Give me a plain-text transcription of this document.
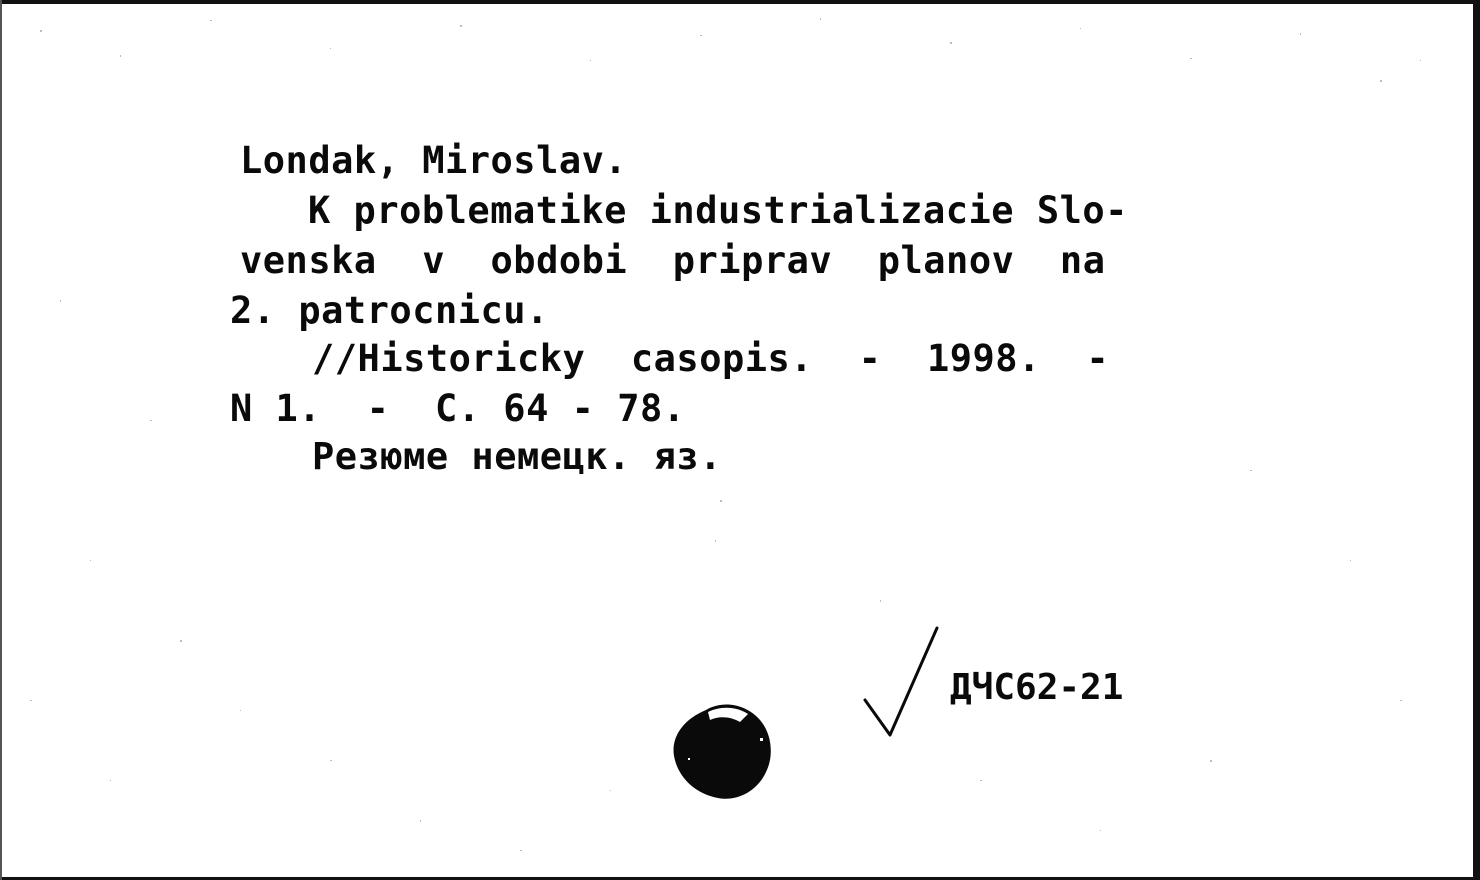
Londak, Miroslav.
K problematike industrializacie Slo-
venska  v  obdobi  priprav  planov  na
2. patrocnicu.
//Historicky  casopis.  -  1998.  -
N 1.  -  C. 64 - 78.
Резюме немецк. яз.
ДЧС62-21
